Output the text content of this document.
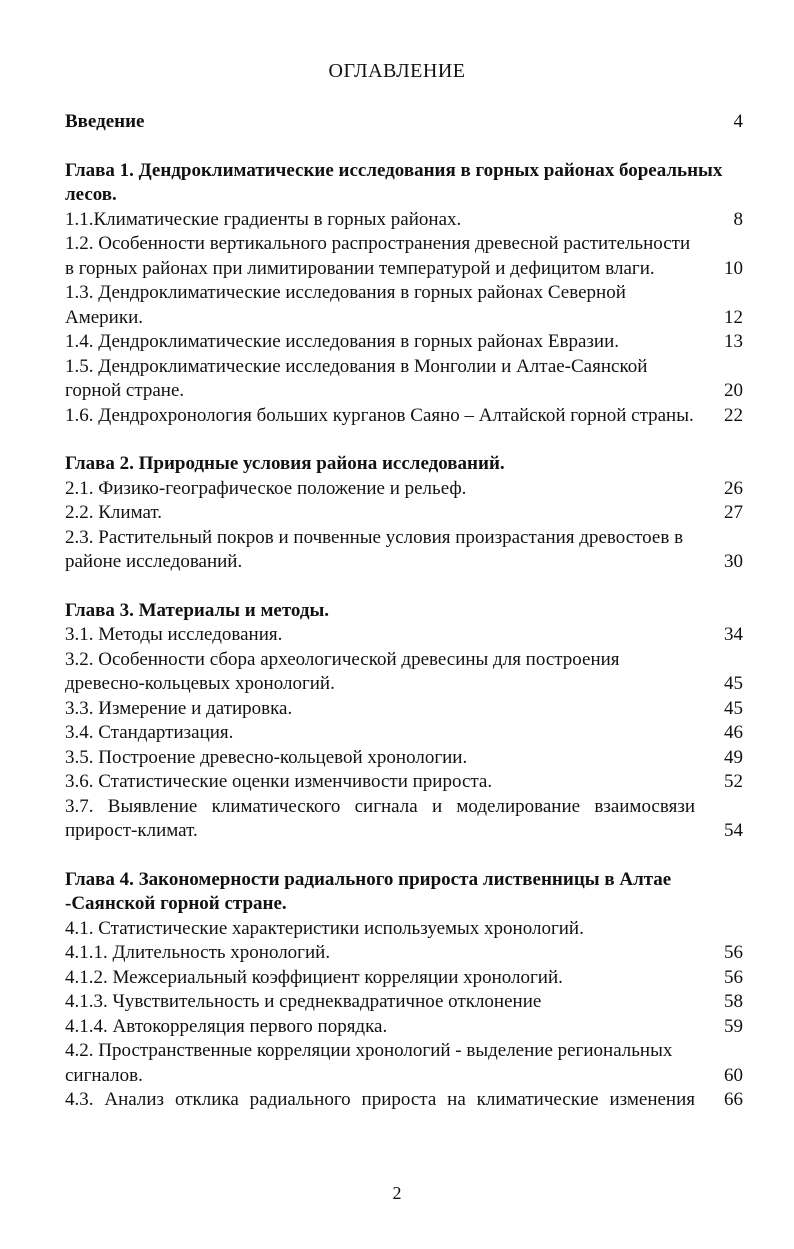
ОГЛАВЛЕНИЕ
Введение	4
Глава 1. Дендроклиматические исследования в горных районах бореальных лесов.
1.1.Климатические градиенты в горных районах.	8
1.2. Особенности вертикального распространения древесной растительности в горных районах при лимитировании температурой и дефицитом влаги.	10
1.3. Дендроклиматические исследования в горных районах Северной Америки.	12
1.4. Дендроклиматические исследования в горных районах Евразии.	13
1.5. Дендроклиматические исследования в Монголии и Алтае-Саянской горной стране.	20
1.6. Дендрохронология больших курганов Саяно – Алтайской горной страны.	22
Глава 2. Природные условия района исследований.
2.1. Физико-географическое положение и рельеф.	26
2.2. Климат.	27
2.3. Растительный покров и почвенные условия произрастания древостоев в районе исследований.	30
Глава 3. Материалы и методы.
3.1. Методы исследования.	34
3.2. Особенности сбора археологической древесины для построения древесно-кольцевых хронологий.	45
3.3. Измерение и датировка.	45
3.4. Стандартизация.	46
3.5. Построение древесно-кольцевой хронологии.	49
3.6. Статистические оценки изменчивости прироста.	52
3.7. Выявление климатического сигнала и моделирование взаимосвязи прирост-климат.	54
Глава 4. Закономерности радиального прироста лиственницы в Алтае -Саянской горной стране.
4.1. Статистические характеристики используемых хронологий.
4.1.1. Длительность хронологий.	56
4.1.2. Межсериальный коэффициент корреляции хронологий.	56
4.1.3. Чувствительность и среднеквадратичное отклонение	58
4.1.4. Автокорреляция первого порядка.	59
4.2. Пространственные корреляции хронологий - выделение региональных сигналов.	60
4.3. Анализ отклика радиального прироста на климатические изменения	66
2
